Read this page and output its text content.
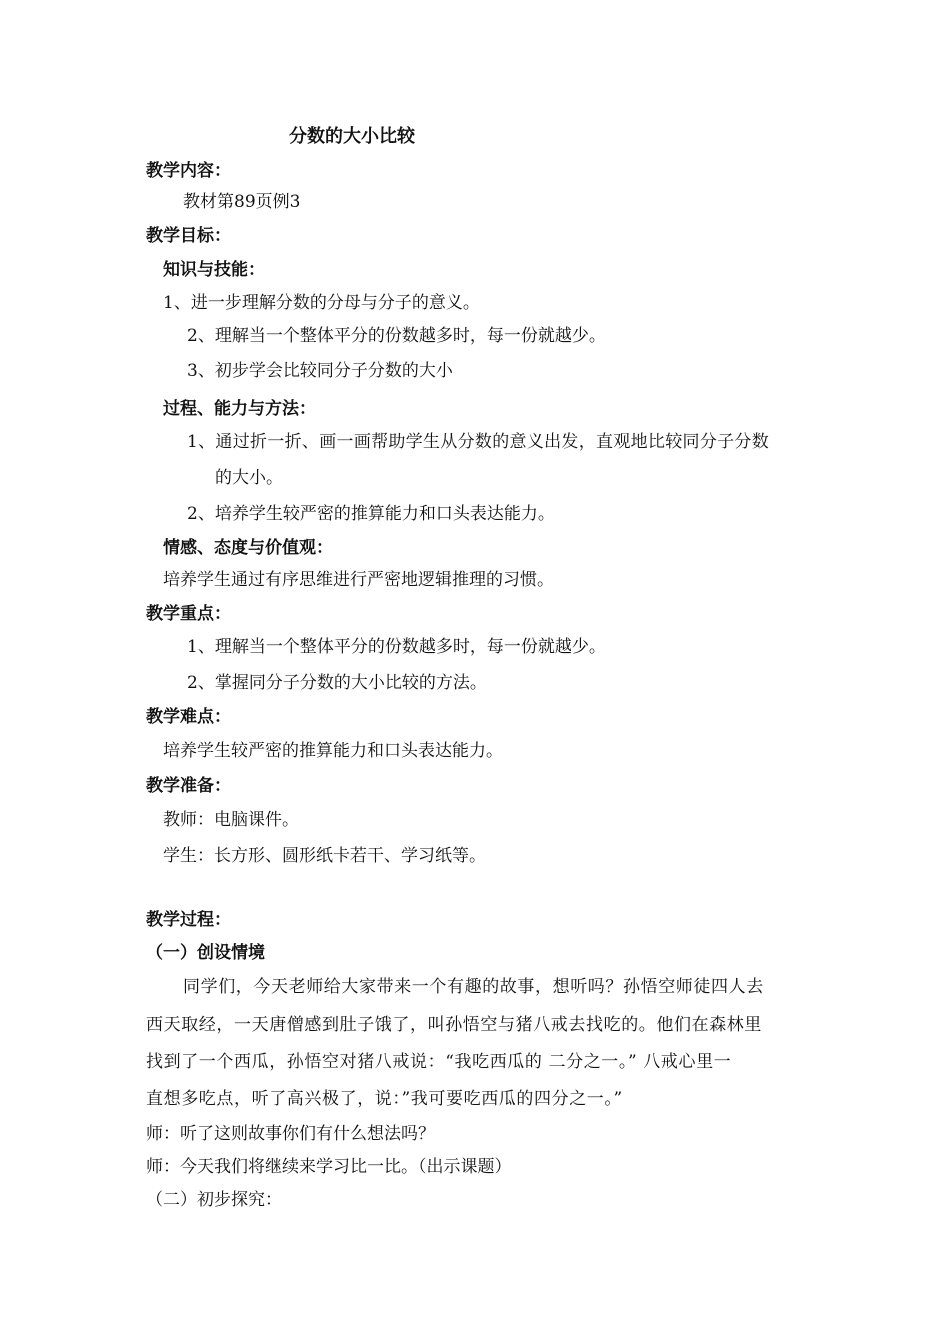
分数的大小比较
教学内容：
教材第89页例3
教学目标：
知识与技能：
1、进一步理解分数的分母与分子的意义。
2、理解当一个整体平分的份数越多时，每一份就越少。
3、初步学会比较同分子分数的大小
过程、能力与方法：
1、通过折一折、画一画帮助学生从分数的意义出发，直观地比较同分子分数
的大小。
2、培养学生较严密的推算能力和口头表达能力。
情感、态度与价值观：
培养学生通过有序思维进行严密地逻辑推理的习惯。
教学重点：
1、理解当一个整体平分的份数越多时，每一份就越少。
2、掌握同分子分数的大小比较的方法。
教学难点：
培养学生较严密的推算能力和口头表达能力。
教学准备：
教师：电脑课件。
学生：长方形、圆形纸卡若干、学习纸等。
教学过程：
（一）创设情境
同学们，今天老师给大家带来一个有趣的故事，想听吗？孙悟空师徒四人去
西天取经，一天唐僧感到肚子饿了，叫孙悟空与猪八戒去找吃的。他们在森林里
找到了一个西瓜，孙悟空对猪八戒说：“我吃西瓜的 二分之一。” 八戒心里一
直想多吃点，听了高兴极了，说：”我可要吃西瓜的四分之一。”
师：听了这则故事你们有什么想法吗？
师：今天我们将继续来学习比一比。（出示课题）
（二）初步探究：
